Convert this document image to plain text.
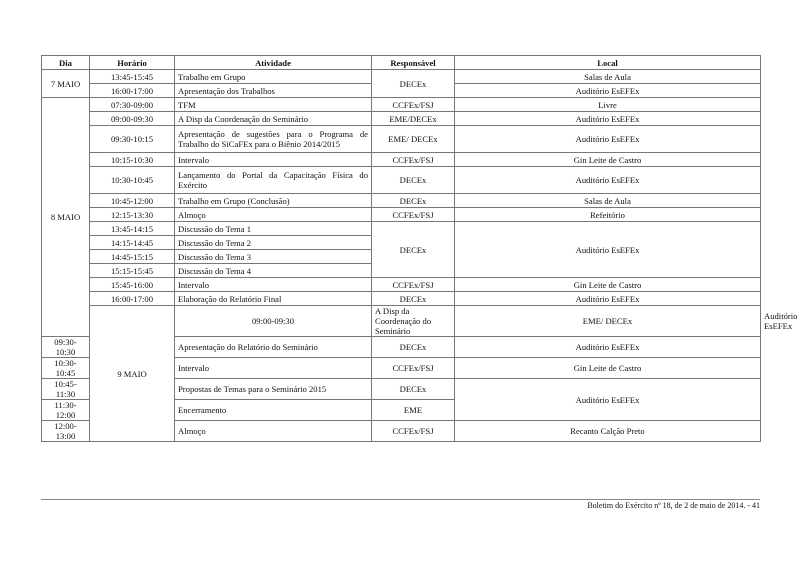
Dia	Horário	Atividade	Responsável	Local	
7 MAIO	13:45-15:45	Trabalho em Grupo	DECEx	Salas de Aula	
	16:00-17:00	Apresentação dos Trabalhos		Auditório EsEFEx	
8 MAIO	07:30-09:00	TFM	CCFEx/FSJ	Livre	
	09:00-09:30	A Disp da Coordenação do Seminário	EME/DECEx	Auditório EsEFEx	
	09:30-10:15	Apresentação de sugestões para o Programa de Trabalho do SiCaFEx para o Biênio 2014/2015	EME/ DECEx	Auditório EsEFEx	
	10:15-10:30	Intervalo	CCFEx/FSJ	Gin Leite de Castro	
	10:30-10:45	Lançamento do Portal da Capacitação Física do Exército	DECEx	Auditório EsEFEx	
	10:45-12:00	Trabalho em Grupo (Conclusão)	DECEx	Salas de Aula	
	12:15-13:30	Almoço	CCFEx/FSJ	Refeitório	
	13:45-14:15	Discussão do Tema 1	DECEx	Auditório EsEFEx	
	14:15-14:45	Discussão do Tema 2			
	14:45-15:15	Discussão do Tema 3			
	15:15-15:45	Discussão do Tema 4			
	15:45-16:00	Intervalo	CCFEx/FSJ	Gin Leite de Castro	
	16:00-17:00	Elaboração do Relatório Final	DECEx	Auditório EsEFEx	
	9 MAIO	09:00-09:30	A Disp da Coordenação do Seminário	EME/ DECEx	Auditório EsEFEx
09:30-10:30		Apresentação do Relatório do Seminário	DECEx	Auditório EsEFEx	
10:30-10:45		Intervalo	CCFEx/FSJ	Gin Leite de Castro	
10:45-11:30		Propostas de Temas para o Seminário 2015	DECEx	Auditório EsEFEx	
11:30-12:00		Encerramento	EME		
12:00-13:00		Almoço	CCFEx/FSJ	Recanto Calção Preto	
Boletim do Exército nº 18, de 2 de maio de 2014. - 41
